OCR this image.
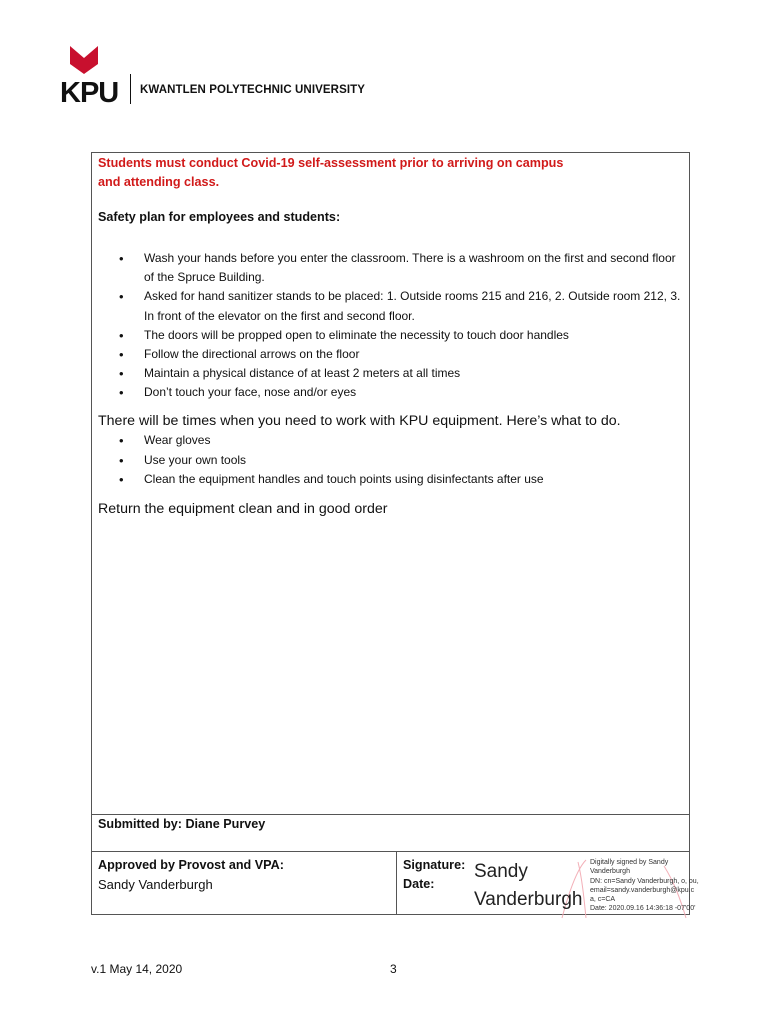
KPU KWANTLEN POLYTECHNIC UNIVERSITY
Students must conduct Covid-19 self-assessment prior to arriving on campus and attending class.
Safety plan for employees and students:
• Wash your hands before you enter the classroom. There is a washroom on the first and second floor of the Spruce Building.
• Asked for hand sanitizer stands to be placed: 1. Outside rooms 215 and 216, 2. Outside room 212, 3. In front of the elevator on the first and second floor.
• The doors will be propped open to eliminate the necessity to touch door handles
• Follow the directional arrows on the floor
• Maintain a physical distance of at least 2 meters at all times
• Don’t touch your face, nose and/or eyes
There will be times when you need to work with KPU equipment. Here’s what to do.
• Wear gloves
• Use your own tools
• Clean the equipment handles and touch points using disinfectants after use
Return the equipment clean and in good order
Submitted by: Diane Purvey
Approved by Provost and VPA:
Sandy Vanderburgh
Signature:
Date:
Sandy
Vanderburgh
Digitally signed by Sandy
Vanderburgh
DN: cn=Sandy Vanderburgh, o, ou,
email=sandy.vanderburgh@kpu.c
a, c=CA
Date: 2020.09.16 14:36:18 -07'00'
v.1 May 14, 2020	3
